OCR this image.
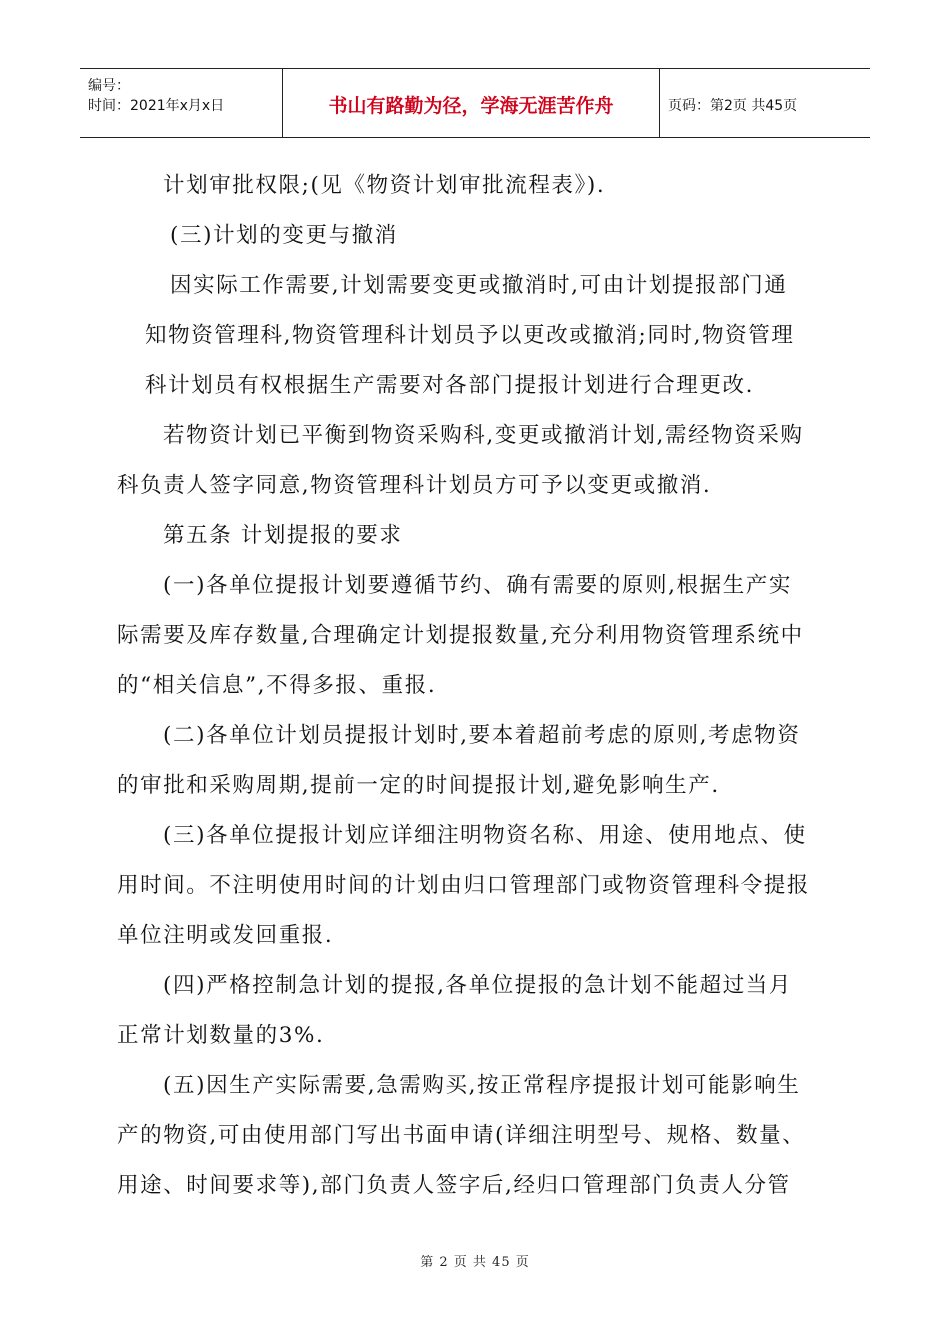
编号：
时间：2021年x月x日	书山有路勤为径，学海无涯苦作舟	页码：第2页 共45页
计划审批权限;(见《物资计划审批流程表》).
(三)计划的变更与撤消
因实际工作需要,计划需要变更或撤消时,可由计划提报部门通
知物资管理科,物资管理科计划员予以更改或撤消;同时,物资管理
科计划员有权根据生产需要对各部门提报计划进行合理更改.
若物资计划已平衡到物资采购科,变更或撤消计划,需经物资采购
科负责人签字同意,物资管理科计划员方可予以变更或撤消.
第五条 计划提报的要求
(一)各单位提报计划要遵循节约、确有需要的原则,根据生产实
际需要及库存数量,合理确定计划提报数量,充分利用物资管理系统中
的“相关信息”,不得多报、重报.
(二)各单位计划员提报计划时,要本着超前考虑的原则,考虑物资
的审批和采购周期,提前一定的时间提报计划,避免影响生产.
(三)各单位提报计划应详细注明物资名称、用途、使用地点、使
用时间。不注明使用时间的计划由归口管理部门或物资管理科令提报
单位注明或发回重报.
(四)严格控制急计划的提报,各单位提报的急计划不能超过当月
正常计划数量的3%.
(五)因生产实际需要,急需购买,按正常程序提报计划可能影响生
产的物资,可由使用部门写出书面申请(详细注明型号、规格、数量、
用途、时间要求等),部门负责人签字后,经归口管理部门负责人分管
第 2 页 共 45 页
